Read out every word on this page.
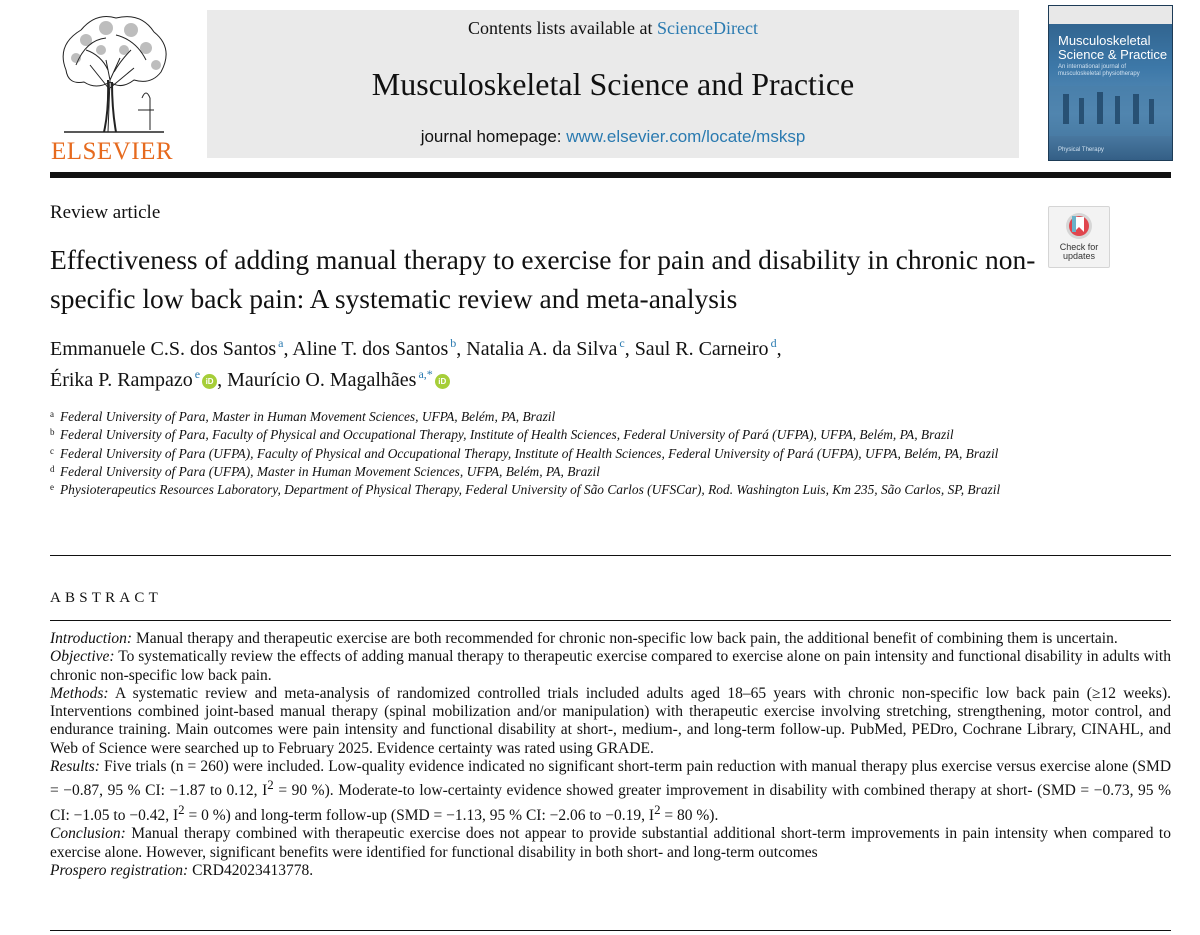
ELSEVIER
Contents lists available at ScienceDirect
Musculoskeletal Science and Practice
journal homepage: www.elsevier.com/locate/msksp
Musculoskeletal
Science & Practice
An international journal of musculoskeletal physiotherapy
Physical Therapy
Review article
Effectiveness of adding manual therapy to exercise for pain and disability in chronic non-specific low back pain: A systematic review and meta-analysis
Check for
updates
Emmanuele C.S. dos Santos $^a$, Aline T. dos Santos $^b$, Natalia A. da Silva $^c$, Saul R. Carneiro $^d$,
Érika P. Rampazo $^e$iD , Maurício O. Magalhães $^{a,*}$iD
a Federal University of Para, Master in Human Movement Sciences, UFPA, Belém, PA, Brazil
b Federal University of Para, Faculty of Physical and Occupational Therapy, Institute of Health Sciences, Federal University of Pará (UFPA), UFPA, Belém, PA, Brazil
c Federal University of Para (UFPA), Faculty of Physical and Occupational Therapy, Institute of Health Sciences, Federal University of Pará (UFPA), UFPA, Belém, PA, Brazil
d Federal University of Para (UFPA), Master in Human Movement Sciences, UFPA, Belém, PA, Brazil
e Physioterapeutics Resources Laboratory, Department of Physical Therapy, Federal University of São Carlos (UFSCar), Rod. Washington Luis, Km 235, São Carlos, SP, Brazil
ABSTRACT

Introduction: Manual therapy and therapeutic exercise are both recommended for chronic non-specific low back pain, the additional benefit of combining them is uncertain.

Objective: To systematically review the effects of adding manual therapy to therapeutic exercise compared to exercise alone on pain intensity and functional disability in adults with chronic non-specific low back pain.

Methods: A systematic review and meta-analysis of randomized controlled trials included adults aged 18–65 years with chronic non-specific low back pain (≥12 weeks). Interventions combined joint-based manual therapy (spinal mobilization and/or manipulation) with therapeutic exercise involving stretching, strengthening, motor control, and endurance training. Main outcomes were pain intensity and functional disability at short-, medium-, and long-term follow-up. PubMed, PEDro, Cochrane Library, CINAHL, and Web of Science were searched up to February 2025. Evidence certainty was rated using GRADE.

Results: Five trials (n = 260) were included. Low-quality evidence indicated no significant short-term pain reduction with manual therapy plus exercise versus exercise alone (SMD = −0.87, 95 % CI: −1.87 to 0.12, $I^2 = 90$ %). Moderate-to low-certainty evidence showed greater improvement in disability with combined therapy at short- (SMD = −0.73, 95 % CI: −1.05 to −0.42, $I^2 = 0$ %) and long-term follow-up (SMD = −1.13, 95 % CI: −2.06 to −0.19, $I^2 = 80$ %).

Conclusion: Manual therapy combined with therapeutic exercise does not appear to provide substantial additional short-term improvements in pain intensity when compared to exercise alone. However, significant benefits were identified for functional disability in both short- and long-term outcomes

Prospero registration: CRD42023413778.
